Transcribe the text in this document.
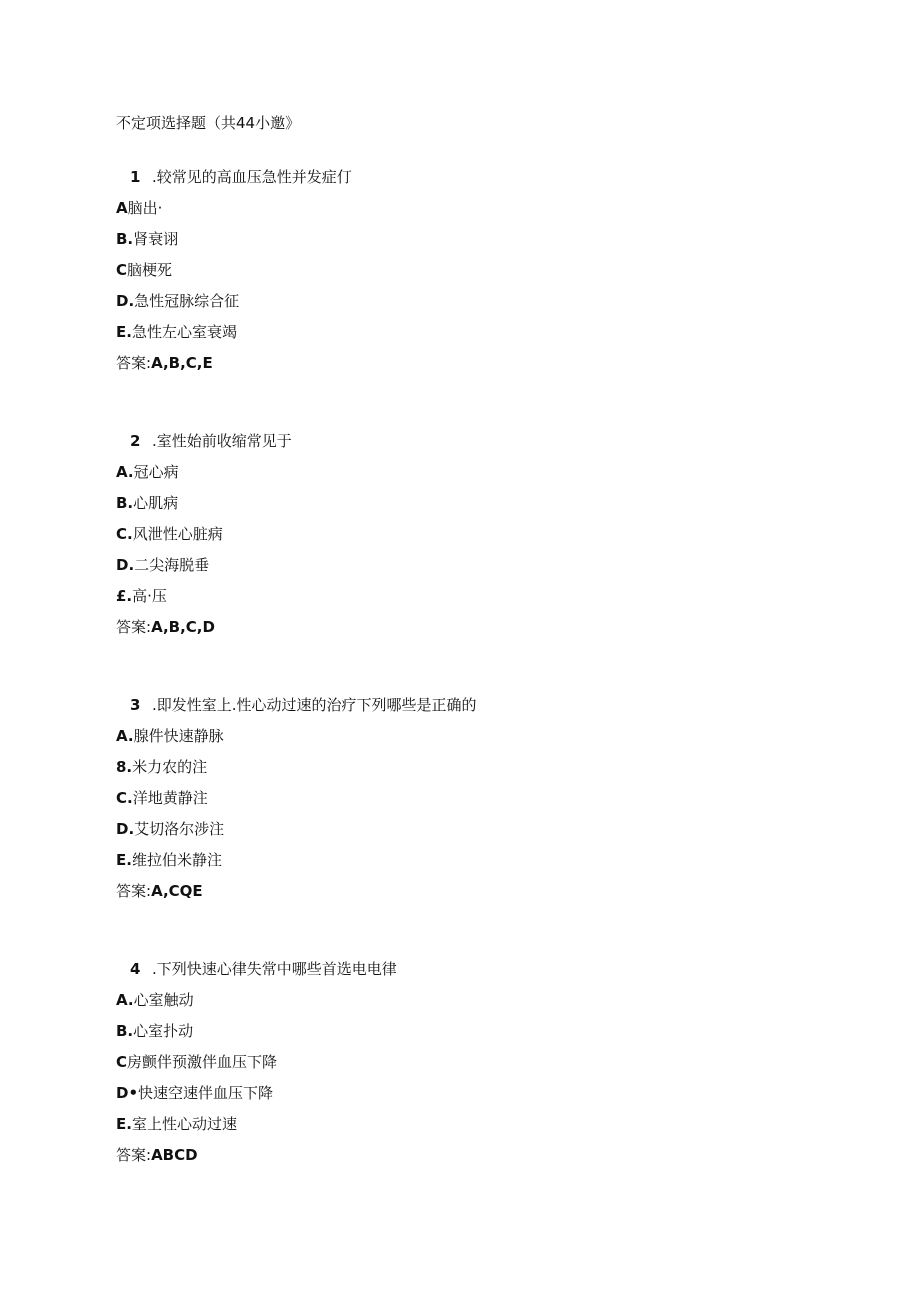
不定项选择题（共44小邀》
1 .较常见的高血压急性并发症仃
A脑出·
B.肾衰诩
C脑梗死
D.急性冠脉综合征
E.急性左心室衰竭
答案:A,B,C,E
2 .室性始前收缩常见于
A.冠心病
B.心肌病
C.风泄性心脏病
D.二尖海脱垂
£.高·压
答案:A,B,C,D
3 .即发性室上.性心动过速的治疗下列哪些是正确的
A.腺件快速静脉
8.米力农的注
C.洋地黄静注
D.艾切洛尔涉注
E.维拉伯米静注
答案:A,CQE
4 .下列快速心律失常中哪些首选电电律
A.心室触动
B.心室扑动
C房颤伴预激伴血压下降
D•快速空速伴血压下降
E.室上性心动过速
答案:ABCD
